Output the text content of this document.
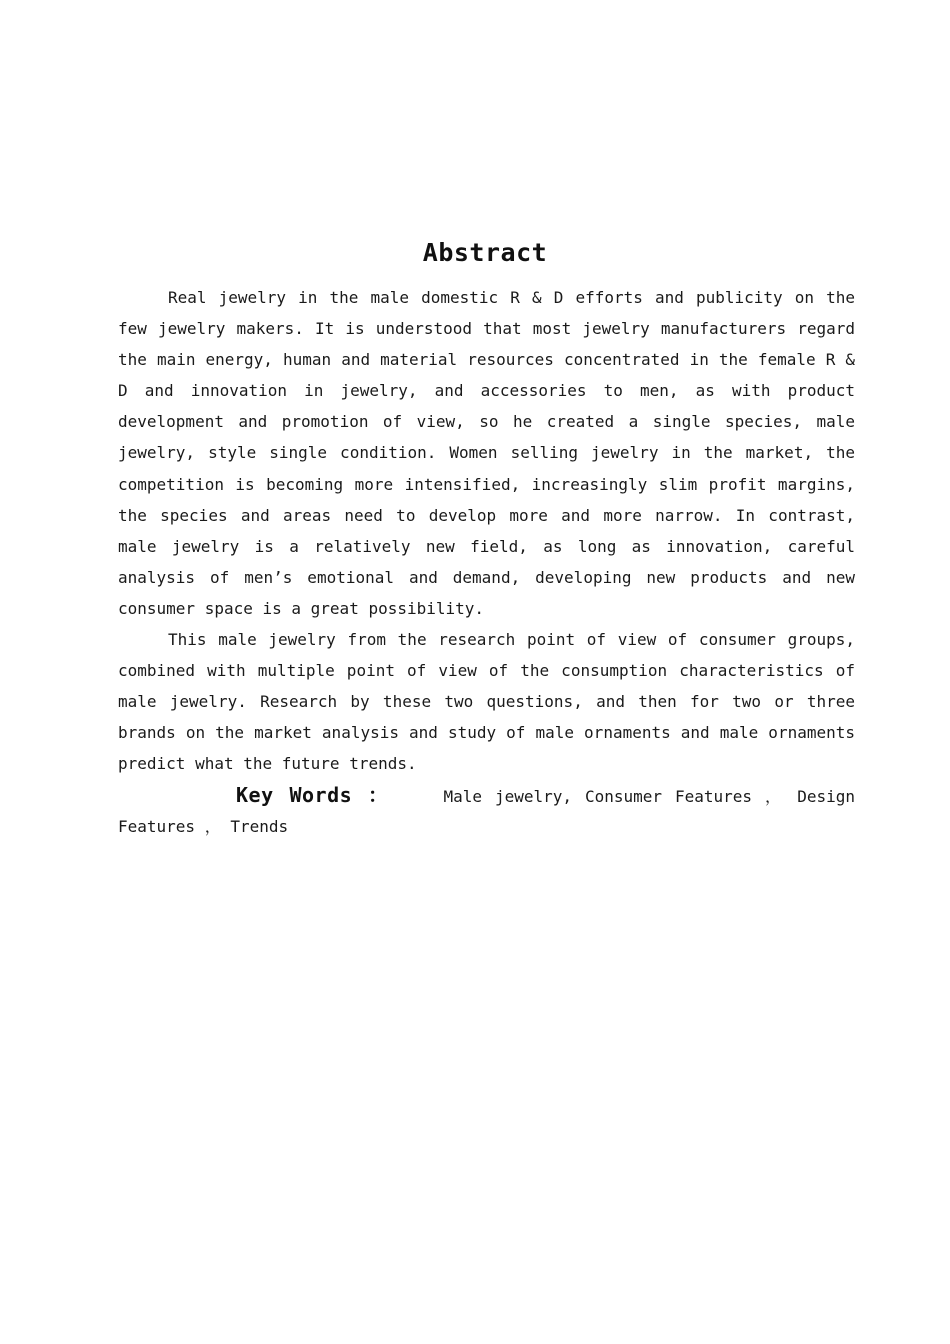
Abstract

Real jewelry in the male domestic R & D efforts and publicity on the few jewelry makers. It is understood that most jewelry manufacturers regard the main energy, human and material resources concentrated in the female R & D and innovation in jewelry, and accessories to men, as with product development and promotion of view, so he created a single species, male jewelry, style single condition. Women selling jewelry in the market, the competition is becoming more intensified, increasingly slim profit margins, the species and areas need to develop more and more narrow. In contrast, male jewelry is a relatively new field, as long as innovation, careful analysis of men’s emotional and demand, developing new products and new consumer space is a great possibility.

This male jewelry from the research point of view of consumer groups, combined with multiple point of view of the consumption characteristics of male jewelry. Research by these two questions, and then for two or three brands on the market analysis and study of male ornaments and male ornaments predict what the future trends.

Key Words ：	Male jewelry, Consumer Features ， Design Features ， Trends
